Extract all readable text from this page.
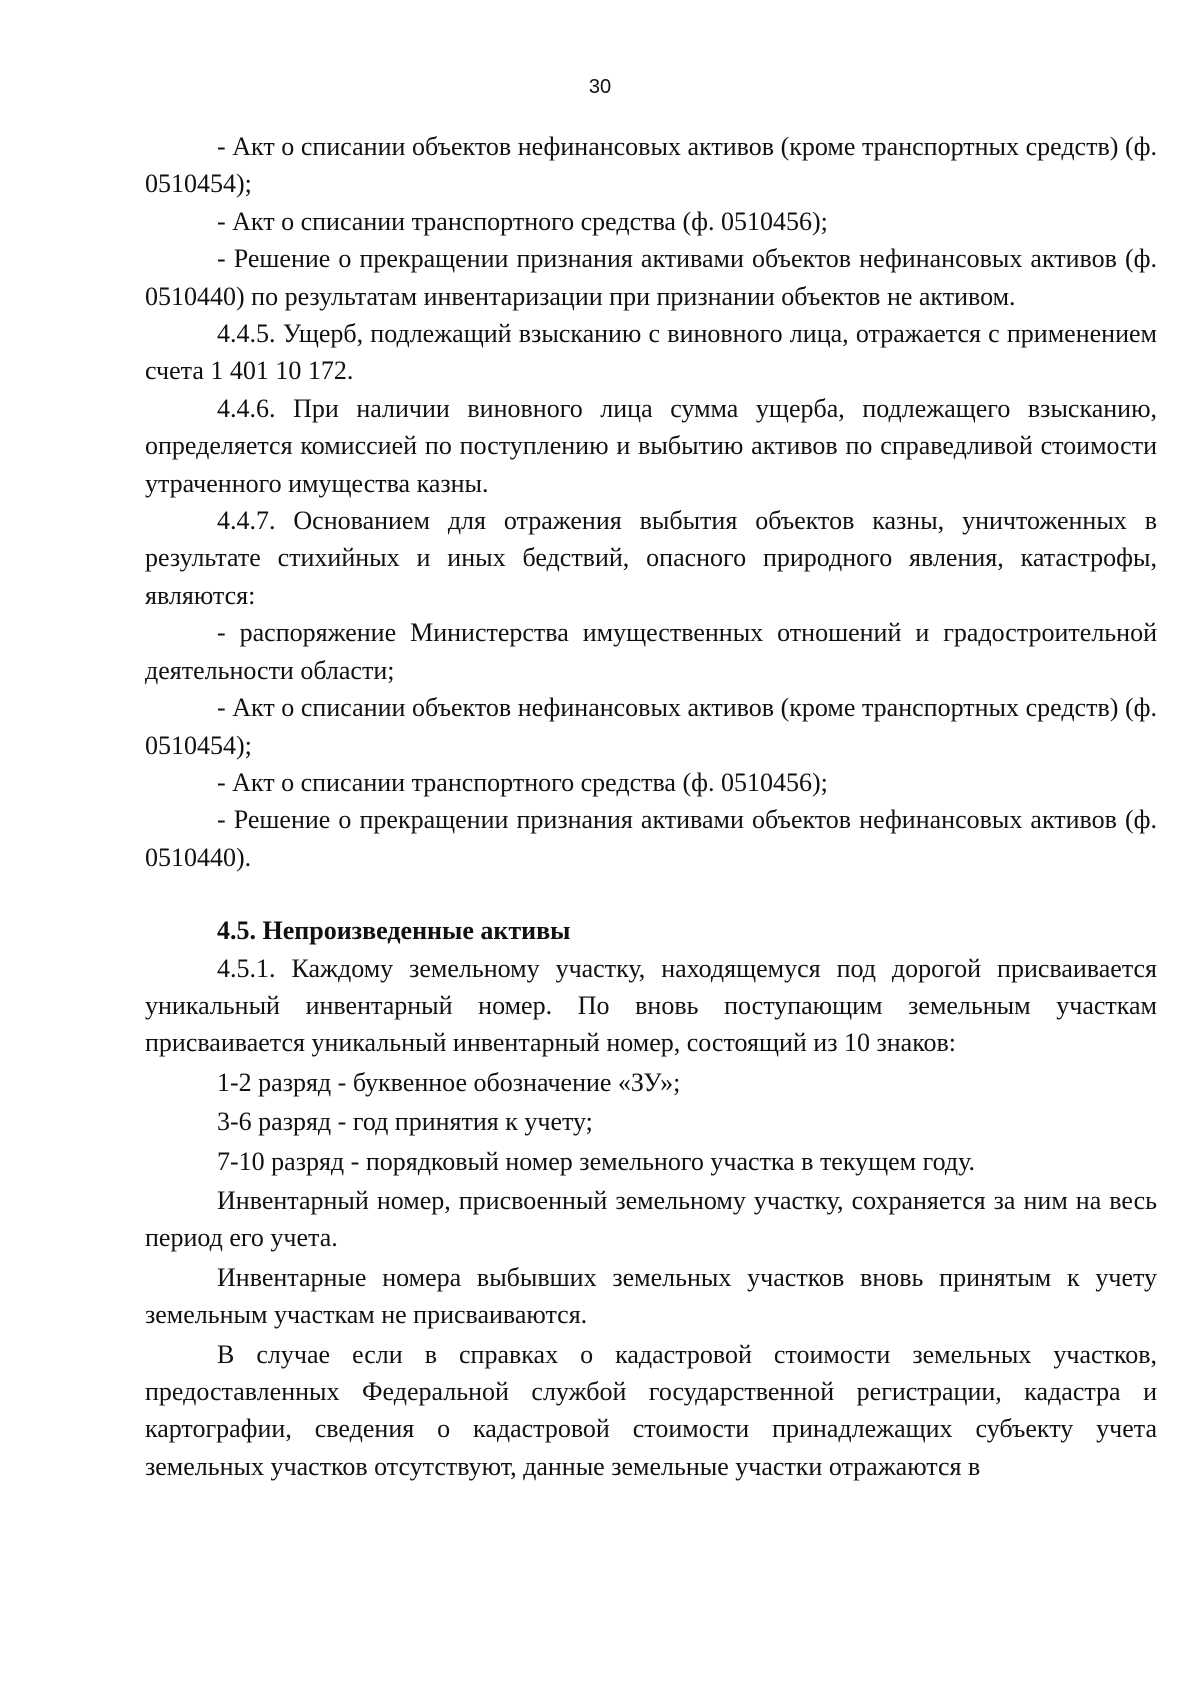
30

- Акт о списании объектов нефинансовых активов (кроме транспортных средств) (ф. 0510454);

- Акт о списании транспортного средства (ф. 0510456);

- Решение о прекращении признания активами объектов нефинансовых активов (ф. 0510440) по результатам инвентаризации при признании объектов не активом.

4.4.5. Ущерб, подлежащий взысканию с виновного лица, отражается с применением счета 1 401 10 172.

4.4.6. При наличии виновного лица сумма ущерба, подлежащего взысканию, определяется комиссией по поступлению и выбытию активов по справедливой стоимости утраченного имущества казны.

4.4.7. Основанием для отражения выбытия объектов казны, уничтоженных в результате стихийных и иных бедствий, опасного природного явления, катастрофы, являются:

- распоряжение Министерства имущественных отношений и градостроительной деятельности области;

- Акт о списании объектов нефинансовых активов (кроме транспортных средств) (ф. 0510454);

- Акт о списании транспортного средства (ф. 0510456);

- Решение о прекращении признания активами объектов нефинансовых активов (ф. 0510440).

4.5. Непроизведенные активы

4.5.1. Каждому земельному участку, находящемуся под дорогой присваивается уникальный инвентарный номер. По вновь поступающим земельным участкам присваивается уникальный инвентарный номер, состоящий из 10 знаков:

1-2 разряд - буквенное обозначение «ЗУ»;

3-6 разряд - год принятия к учету;

7-10 разряд - порядковый номер земельного участка в текущем году.

Инвентарный номер, присвоенный земельному участку, сохраняется за ним на весь период его учета.

Инвентарные номера выбывших земельных участков вновь принятым к учету земельным участкам не присваиваются.

В случае если в справках о кадастровой стоимости земельных участков, предоставленных Федеральной службой государственной регистрации, кадастра и картографии, сведения о кадастровой стоимости принадлежащих субъекту учета земельных участков отсутствуют, данные земельные участки отражаются в
